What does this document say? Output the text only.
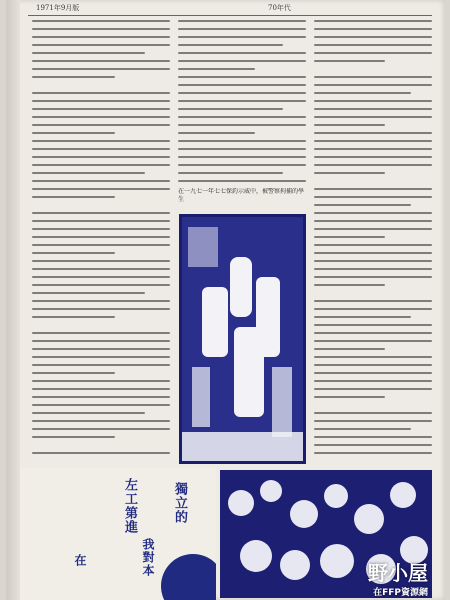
1971年9月版	70年代
在一九七一年七七保釣示威中，被警察拘捕的學生
獨立的
左工第進
我對本
在
野小屋
在FFP資源網
